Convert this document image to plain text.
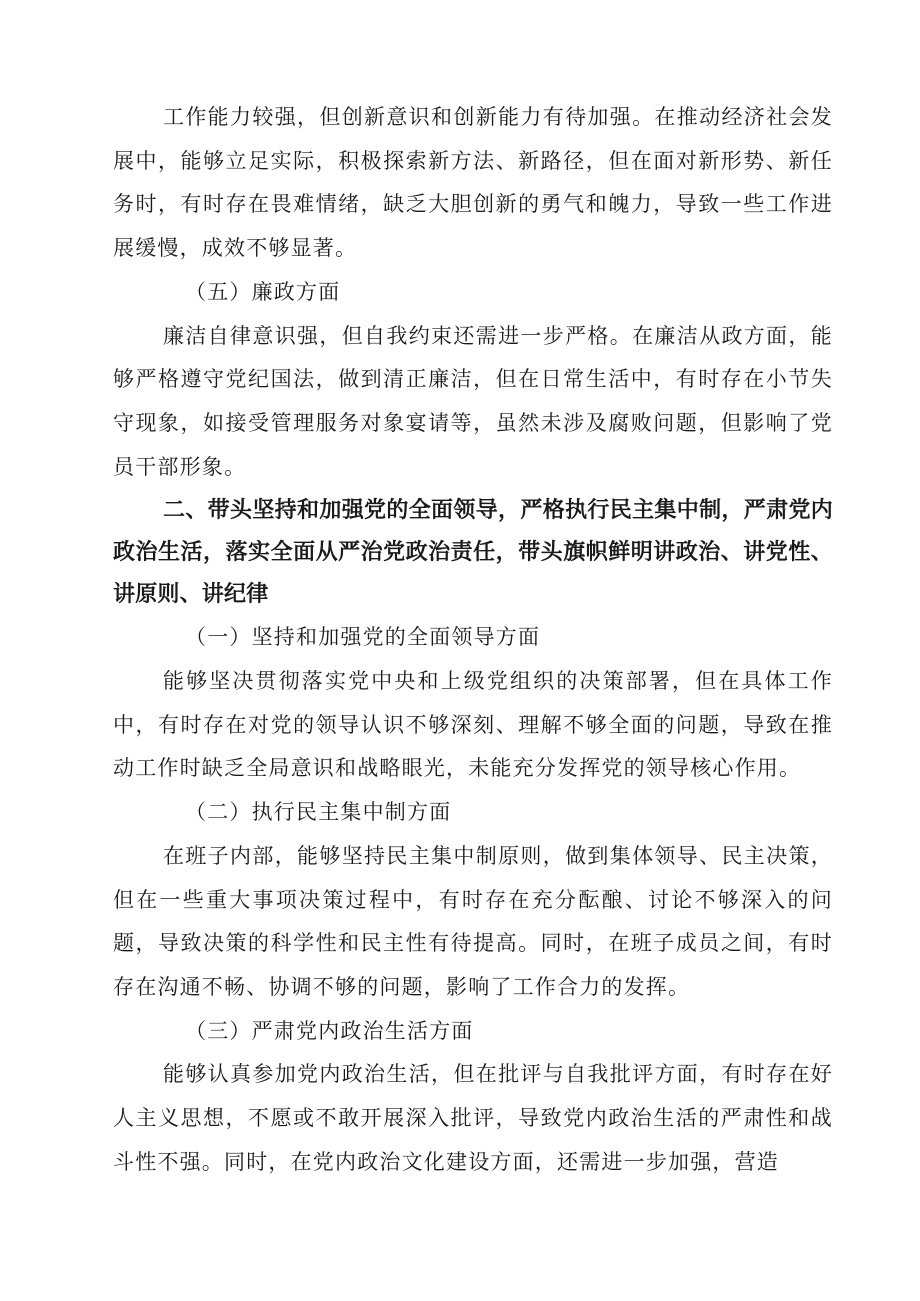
工作能力较强，但创新意识和创新能力有待加强。在推动经济社会发展中，能够立足实际，积极探索新方法、新路径，但在面对新形势、新任务时，有时存在畏难情绪，缺乏大胆创新的勇气和魄力，导致一些工作进展缓慢，成效不够显著。

（五）廉政方面

廉洁自律意识强，但自我约束还需进一步严格。在廉洁从政方面，能够严格遵守党纪国法，做到清正廉洁，但在日常生活中，有时存在小节失守现象，如接受管理服务对象宴请等，虽然未涉及腐败问题，但影响了党员干部形象。

二、带头坚持和加强党的全面领导，严格执行民主集中制，严肃党内政治生活，落实全面从严治党政治责任，带头旗帜鲜明讲政治、讲党性、讲原则、讲纪律

（一）坚持和加强党的全面领导方面

能够坚决贯彻落实党中央和上级党组织的决策部署，但在具体工作中，有时存在对党的领导认识不够深刻、理解不够全面的问题，导致在推动工作时缺乏全局意识和战略眼光，未能充分发挥党的领导核心作用。

（二）执行民主集中制方面

在班子内部，能够坚持民主集中制原则，做到集体领导、民主决策，但在一些重大事项决策过程中，有时存在充分酝酿、讨论不够深入的问题，导致决策的科学性和民主性有待提高。同时，在班子成员之间，有时存在沟通不畅、协调不够的问题，影响了工作合力的发挥。

（三）严肃党内政治生活方面

能够认真参加党内政治生活，但在批评与自我批评方面，有时存在好人主义思想，不愿或不敢开展深入批评，导致党内政治生活的严肃性和战斗性不强。同时，在党内政治文化建设方面，还需进一步加强，营造
